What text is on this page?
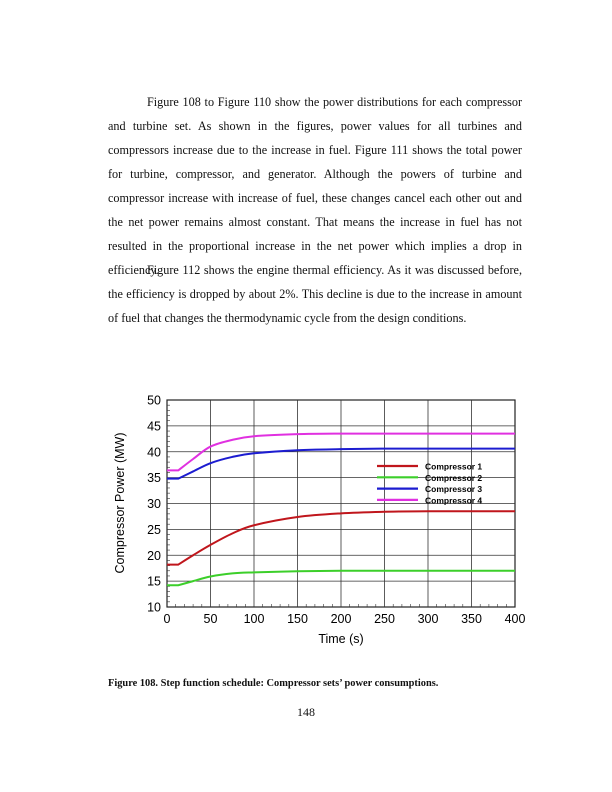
Figure 108 to Figure 110 show the power distributions for each compressor and turbine set. As shown in the figures, power values for all turbines and compressors increase due to the increase in fuel. Figure 111 shows the total power for turbine, compressor, and generator. Although the powers of turbine and compressor increase with increase of fuel, these changes cancel each other out and the net power remains almost constant. That means the increase in fuel has not resulted in the proportional increase in the net power which implies a drop in efficiency.

Figure 112 shows the engine thermal efficiency. As it was discussed before, the efficiency is dropped by about 2%. This decline is due to the increase in amount of fuel that changes the thermodynamic cycle from the design conditions.

0	50 100 150 200 250 300 350 400
10
15
20
25
30
35
40
45
50
Compressor 1
Compressor 2
Compressor 3
Compressor 4
Time (s)
Compressor Power (MW)

Figure 108. Step function schedule: Compressor sets’ power consumptions.

148
